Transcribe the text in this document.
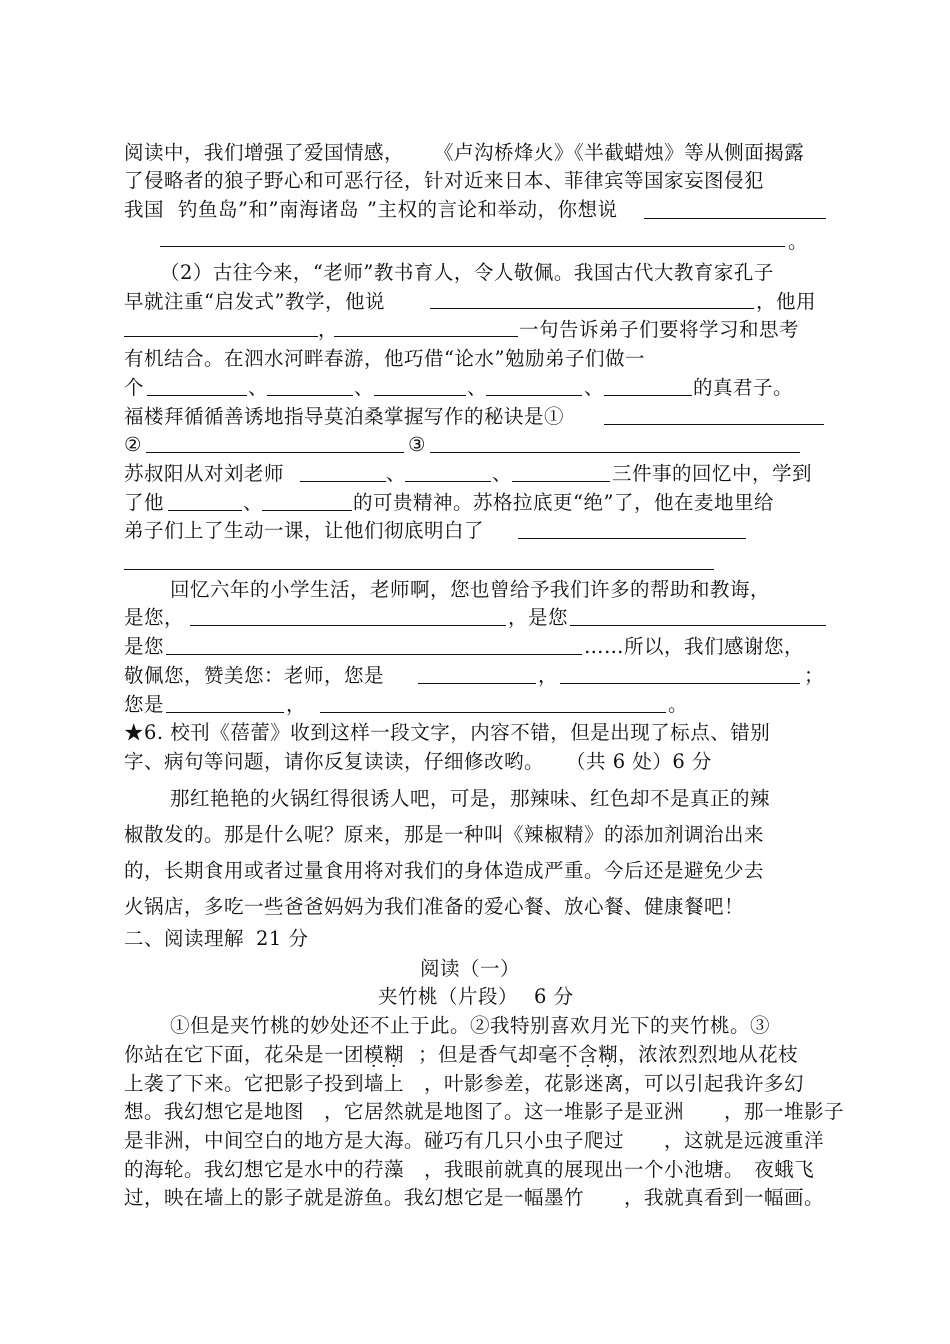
阅读中，我们增强了爱国情感， 《卢沟桥烽火》《半截蜡烛》等从侧面揭露
了侵略者的狼子野心和可恶行径，针对近来日本、菲律宾等国家妄图侵犯
我国 钓鱼岛”和”南海诸岛 ”主权的言论和举动，你想说
。
（2）古往今来，“老师”教书育人，令人敬佩。我国古代大教育家孔子
早就注重“启发式”教学，他说	，他用
，	一句告诉弟子们要将学习和思考
有机结合。在泗水河畔春游，他巧借“论水”勉励弟子们做一
个	、	、	、	、	的真君子。
福楼拜循循善诱地指导莫泊桑掌握写作的秘诀是①
②	③
苏叔阳从对刘老师	、	、	三件事的回忆中，学到
了他	、	的可贵精神。苏格拉底更“绝”了，他在麦地里给
弟子们上了生动一课，让他们彻底明白了
回忆六年的小学生活，老师啊，您也曾给予我们许多的帮助和教诲，
是您，	，是您
是您	……所以，我们感谢您，
敬佩您，赞美您：老师，您是	，	；
您是	，	。
★6. 校刊《蓓蕾》收到这样一段文字，内容不错，但是出现了标点、错别
字、病句等问题，请你反复读读，仔细修改哟。 （共 6 处）6 分
那红艳艳的火锅红得很诱人吧，可是，那辣味、红色却不是真正的辣
椒散发的。那是什么呢？原来，那是一种叫《辣椒精》的添加剂调治出来
的，长期食用或者过量食用将对我们的身体造成严重。今后还是避免少去
火锅店，多吃一些爸爸妈妈为我们准备的爱心餐、放心餐、健康餐吧！
二、阅读理解 21 分
阅读（一）
夹竹桃（片段） 6 分
①但是夹竹桃的妙处还不止于此。②我特别喜欢月光下的夹竹桃。③
你站在它下面，花朵是一团模糊 ；但是香气却毫不含糊，浓浓烈烈地从花枝
上袭了下来。它把影子投到墙上　，叶影参差，花影迷离，可以引起我许多幻
想。我幻想它是地图　，它居然就是地图了。这一堆影子是亚洲　　，那一堆影子
是非洲，中间空白的地方是大海。碰巧有几只小虫子爬过　　，这就是远渡重洋
的海轮。我幻想它是水中的荇藻　，我眼前就真的展现出一个小池塘。　夜蛾飞
过，映在墙上的影子就是游鱼。我幻想它是一幅墨竹　　，我就真看到一幅画。
